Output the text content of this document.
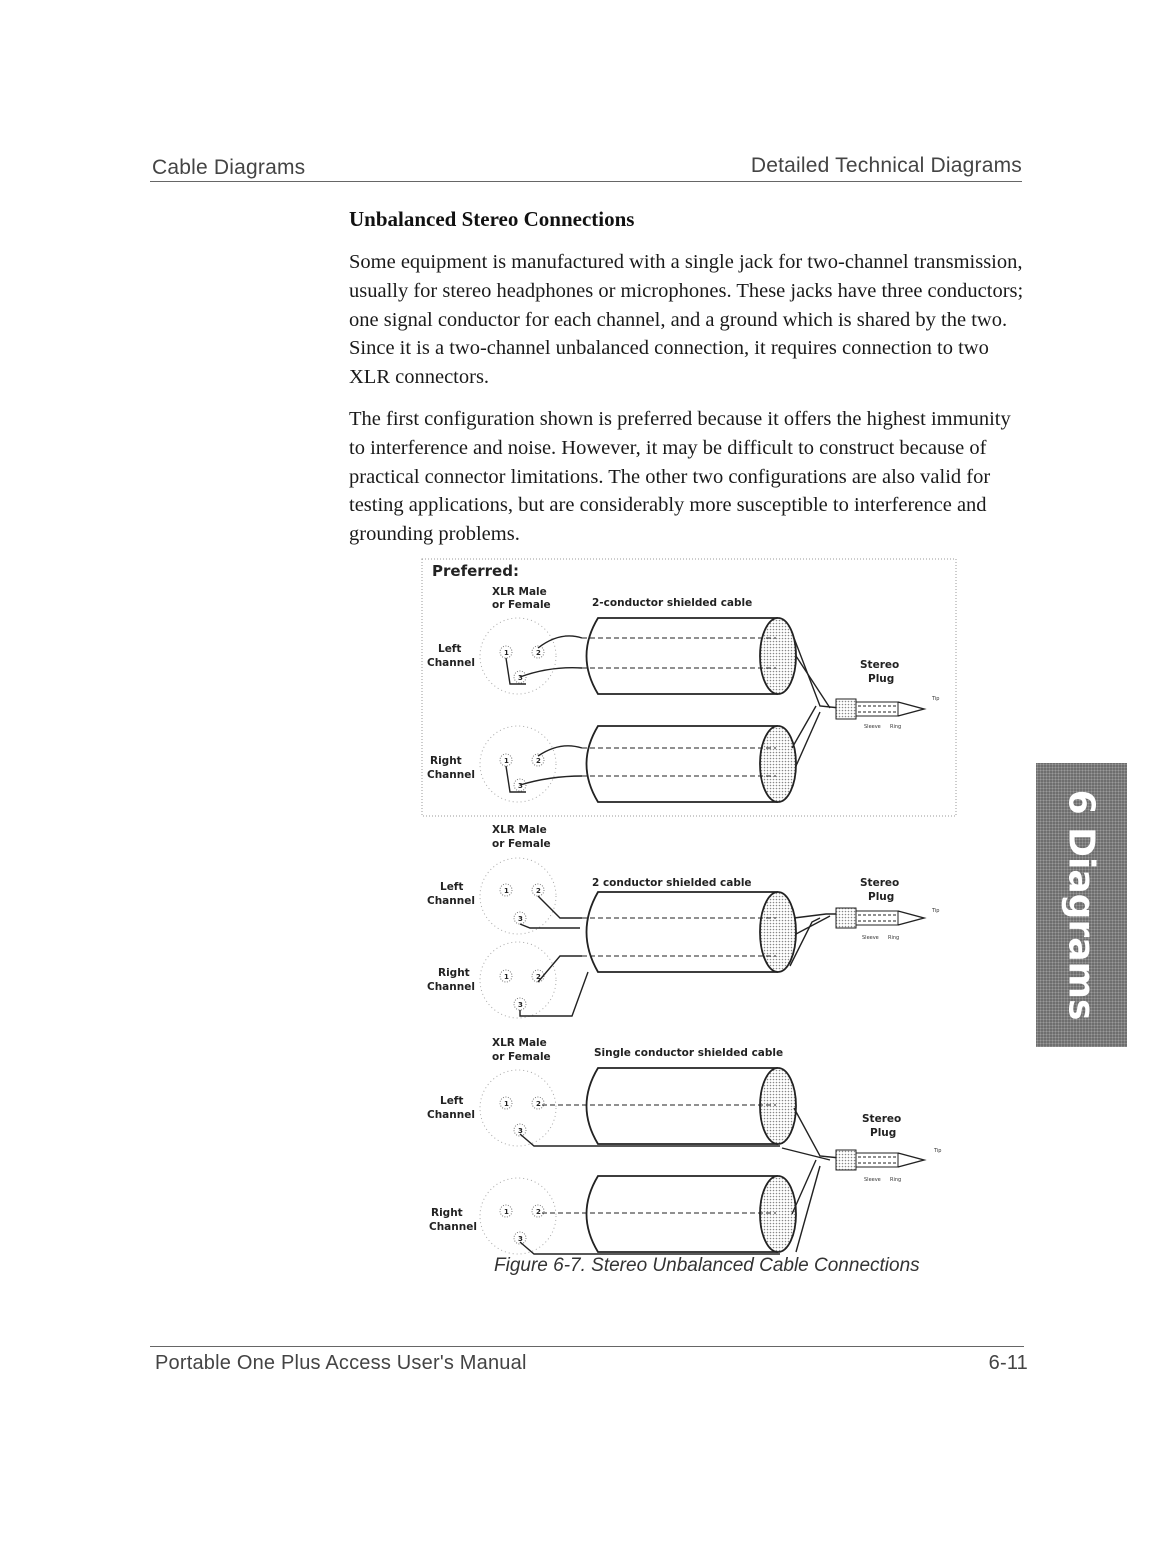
Cable Diagrams	Detailed Technical Diagrams
Unbalanced Stereo Connections

Some equipment is manufactured with a single jack for two-channel transmission, usually for stereo headphones or microphones. These jacks have three conductors; one signal conductor for each channel, and a ground which is shared by the two. Since it is a two-channel unbalanced connection, it requires connection to two XLR connectors.

The first configuration shown is preferred because it offers the highest immunity to interference and noise. However, it may be difficult to construct because of practical connector limitations. The other two configurations are also valid for testing applications, but are considerably more susceptible to interference and grounding problems.

Preferred:
XLR Male
or Female	2-conductor shielded cable
1	2
3
Left
Channel
1	2
3
Right
Channel
Stereo
Plug
Tip
Sleeve Ring
XLR Male
or Female
2 conductor shielded cable
1	2
3
Left
Channel
1	2
3
Right
Channel
Stereo
Plug
Tip
Sleeve Ring
XLR Male
or Female	Single conductor shielded cable
1	2
3
Left
Channel
1	2
3
Right
Channel
Stereo
Plug
Tip
Sleeve Ring
Figure 6-7. Stereo Unbalanced Cable Connections
6 Diagrams
Portable One Plus Access User's Manual	6-11
